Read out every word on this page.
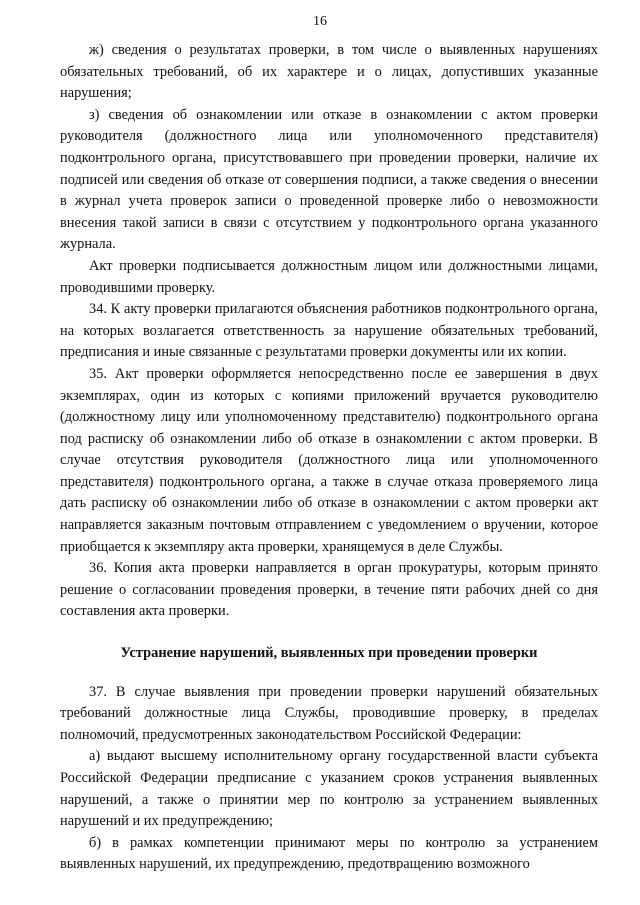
16

ж) сведения о результатах проверки, в том числе о выявленных нарушениях обязательных требований, об их характере и о лицах, допустивших указанные нарушения;

з) сведения об ознакомлении или отказе в ознакомлении с актом проверки руководителя (должностного лица или уполномоченного представителя) подконтрольного органа, присутствовавшего при проведении проверки, наличие их подписей или сведения об отказе от совершения подписи, а также сведения о внесении в журнал учета проверок записи о проведенной проверке либо о невозможности внесения такой записи в связи с отсутствием у подконтрольного органа указанного журнала.

Акт проверки подписывается должностным лицом или должностными лицами, проводившими проверку.

34. К акту проверки прилагаются объяснения работников подконтрольного органа, на которых возлагается ответственность за нарушение обязательных требований, предписания и иные связанные с результатами проверки документы или их копии.

35. Акт проверки оформляется непосредственно после ее завершения в двух экземплярах, один из которых с копиями приложений вручается руководителю (должностному лицу или уполномоченному представителю) подконтрольного органа под расписку об ознакомлении либо об отказе в ознакомлении с актом проверки. В случае отсутствия руководителя (должностного лица или уполномоченного представителя) подконтрольного органа, а также в случае отказа проверяемого лица дать расписку об ознакомлении либо об отказе в ознакомлении с актом проверки акт направляется заказным почтовым отправлением с уведомлением о вручении, которое приобщается к экземпляру акта проверки, хранящемуся в деле Службы.

36. Копия акта проверки направляется в орган прокуратуры, которым принято решение о согласовании проведения проверки, в течение пяти рабочих дней со дня составления акта проверки.

Устранение нарушений, выявленных при проведении проверки

37. В случае выявления при проведении проверки нарушений обязательных требований должностные лица Службы, проводившие проверку, в пределах полномочий, предусмотренных законодательством Российской Федерации:

а) выдают высшему исполнительному органу государственной власти субъекта Российской Федерации предписание с указанием сроков устранения выявленных нарушений, а также о принятии мер по контролю за устранением выявленных нарушений и их предупреждению;

б) в рамках компетенции принимают меры по контролю за устранением выявленных нарушений, их предупреждению, предотвращению возможного
